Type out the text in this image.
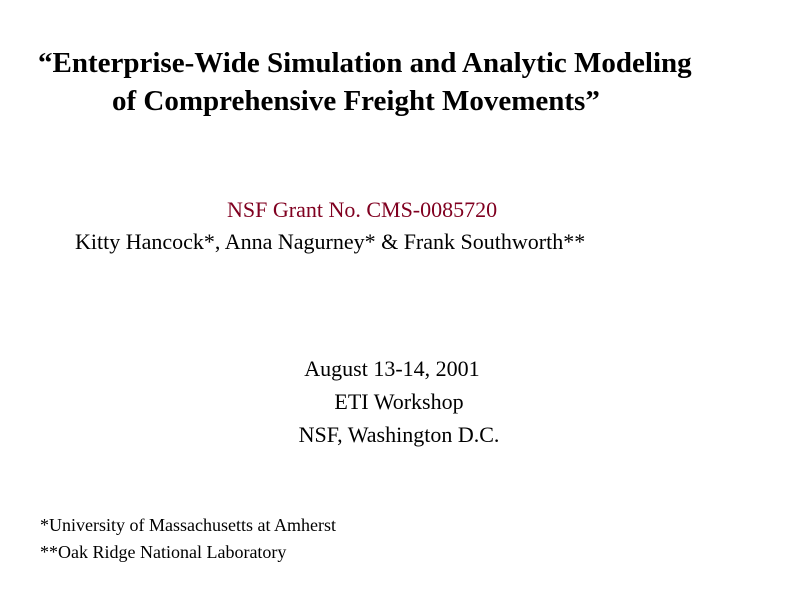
“Enterprise-Wide Simulation and Analytic Modeling
of Comprehensive Freight Movements”
NSF Grant No. CMS-0085720
Kitty Hancock*, Anna Nagurney* & Frank Southworth**
August 13-14, 2001
ETI Workshop
NSF, Washington D.C.
*University of Massachusetts at Amherst
**Oak Ridge National Laboratory
